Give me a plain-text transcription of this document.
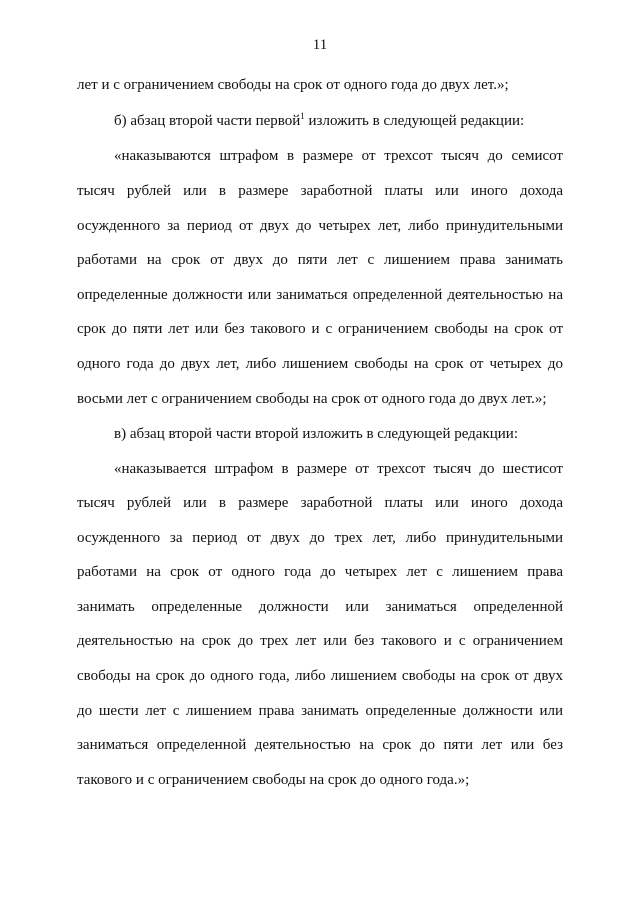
11
лет и с ограничением свободы на срок от одного года до двух лет.»;
б) абзац второй части первой$^1$ изложить в следующей редакции:
«наказываются штрафом в размере от трехсот тысяч до семисот
тысяч рублей или в размере заработной платы или иного дохода
осужденного за период от двух до четырех лет, либо принудительными
работами на срок от двух до пяти лет с лишением права занимать
определенные должности или заниматься определенной деятельностью на
срок до пяти лет или без такового и с ограничением свободы на срок от
одного года до двух лет, либо лишением свободы на срок от четырех до
восьми лет с ограничением свободы на срок от одного года до двух лет.»;
в) абзац второй части второй изложить в следующей редакции:
«наказывается штрафом в размере от трехсот тысяч до шестисот
тысяч рублей или в размере заработной платы или иного дохода
осужденного за период от двух до трех лет, либо принудительными
работами на срок от одного года до четырех лет с лишением права
занимать определенные должности или заниматься определенной
деятельностью на срок до трех лет или без такового и с ограничением
свободы на срок до одного года, либо лишением свободы на срок от двух
до шести лет с лишением права занимать определенные должности или
заниматься определенной деятельностью на срок до пяти лет или без
такового и с ограничением свободы на срок до одного года.»;
